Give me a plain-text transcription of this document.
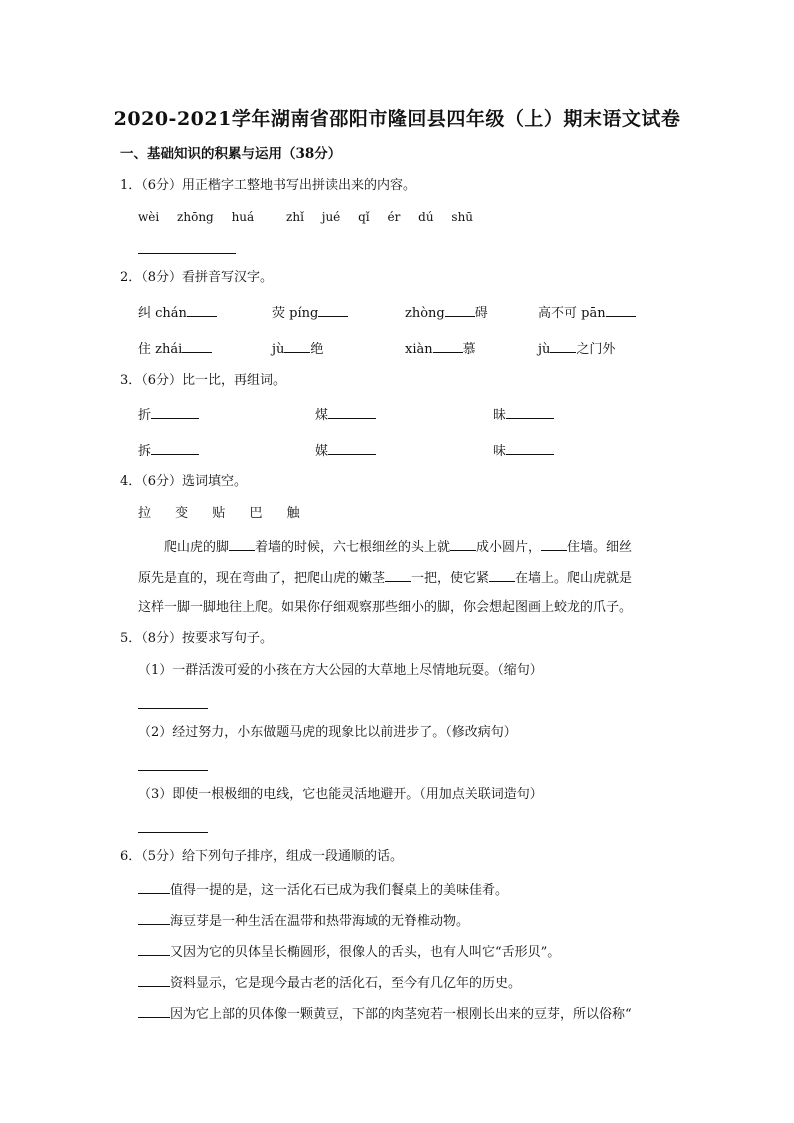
2020-2021学年湖南省邵阳市隆回县四年级（上）期末语文试卷
一、基础知识的积累与运用（38分）
1．（6分）用正楷字工整地书写出拼读出来的内容。
wèi zhōng huá	zhǐ jué qǐ ér dú shū
2．（8分）看拼音写汉字。
纠 chán	荧 píng	zhòng 碍	高不可 pān
住 zhái	jù 绝	xiàn 慕	jù 之门外
3．（6分）比一比，再组词。
折	煤	昧
拆	媒	味
4．（6分）选词填空。
拉 变 贴 巴 触
爬山虎的脚 着墙的时候，六七根细丝的头上就 成小圆片， 住墙。细丝
原先是直的，现在弯曲了，把爬山虎的嫩茎 一把，使它紧 在墙上。爬山虎就是
这样一脚一脚地往上爬。如果你仔细观察那些细小的脚，你会想起图画上蛟龙的爪子。
5．（8分）按要求写句子。
（1）一群活泼可爱的小孩在方大公园的大草地上尽情地玩耍。（缩句）
（2）经过努力，小东做题马虎的现象比以前进步了。（修改病句）
（3）即使一根极细的电线，它也能灵活地避开。（用加点关联词造句）
6．（5分）给下列句子排序，组成一段通顺的话。
值得一提的是，这一活化石已成为我们餐桌上的美味佳肴。
海豆芽是一种生活在温带和热带海域的无脊椎动物。
又因为它的贝体呈长椭圆形，很像人的舌头，也有人叫它“舌形贝”。
资料显示，它是现今最古老的活化石，至今有几亿年的历史。
因为它上部的贝体像一颗黄豆，下部的肉茎宛若一根刚长出来的豆芽，所以俗称“
